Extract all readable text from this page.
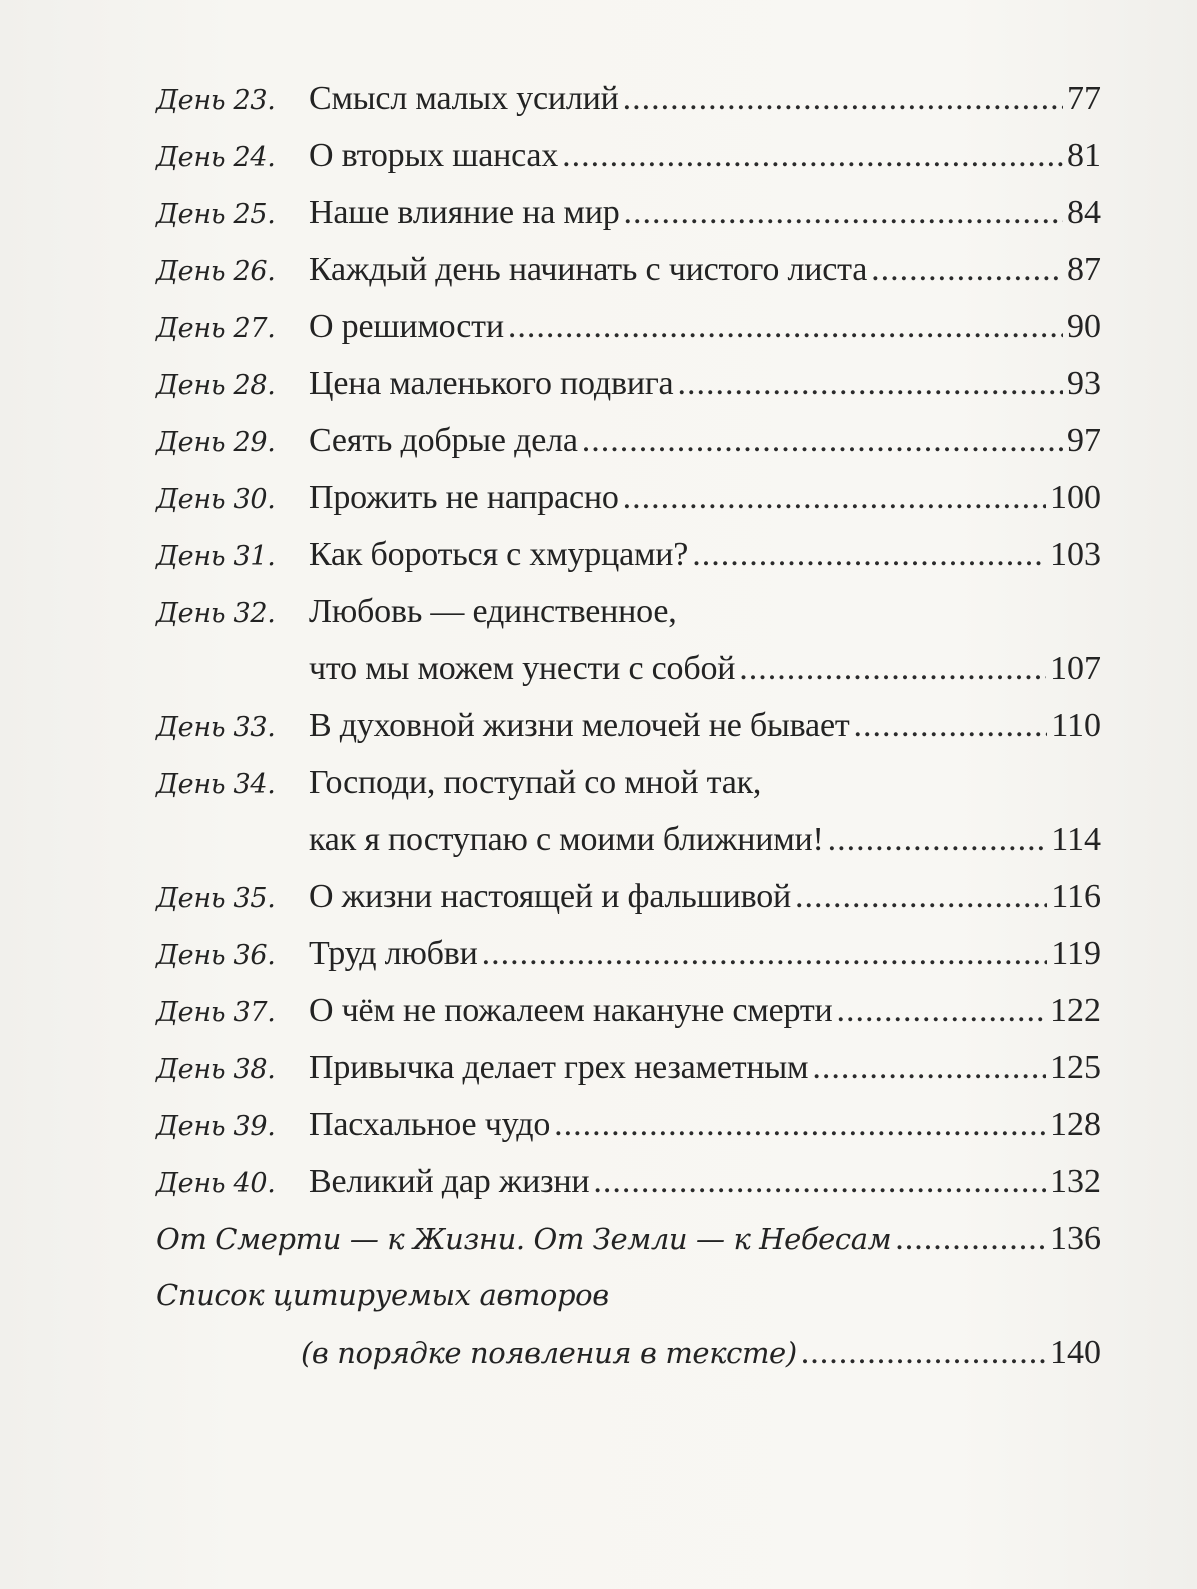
День 23. Смысл малых усилий .....	77
День 24. О вторых шансах .....	81
День 25. Наше влияние на мир .....	84
День 26. Каждый день начинать с чистого листа .....	87
День 27. О решимости .....	90
День 28. Цена маленького подвига .....	93
День 29. Сеять добрые дела .....	97
День 30. Прожить не напрасно .....	100
День 31. Как бороться с хмурцами? .....	103
День 32. Любовь — единственное,
что мы можем унести с собой .....	107
День 33. В духовной жизни мелочей не бывает .....	110
День 34. Господи, поступай со мной так,
как я поступаю с моими ближними! .....	114
День 35. О жизни настоящей и фальшивой .....	116
День 36. Труд любви .....	119
День 37. О чём не пожалеем накануне смерти .....	122
День 38. Привычка делает грех незаметным .....	125
День 39. Пасхальное чудо .....	128
День 40. Великий дар жизни .....	132
От Смерти — к Жизни. От Земли — к Небесам .....	136
Список цитируемых авторов
(в порядке появления в тексте) .....	140
